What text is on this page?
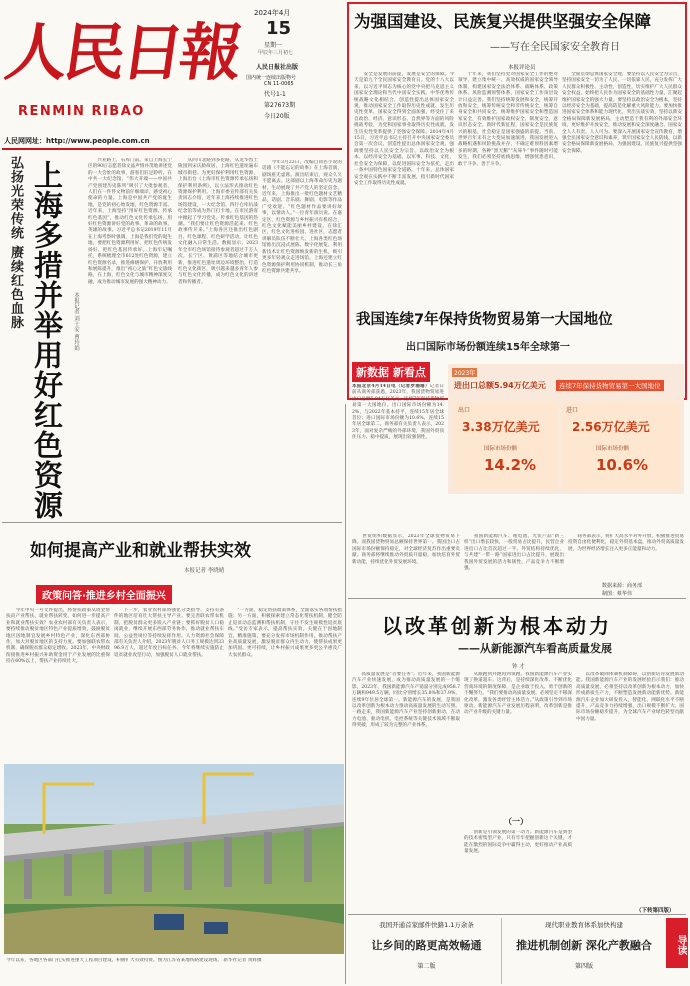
人民日報
RENMIN RIBAO
2024年4月
15
星期一
甲辰年三月初七
人民日报社出版
国内统一连续出版物号
CN 11-0065
代号1-1
第27673期
今日20版
人民网网址：http://www.people.com.cn
为强国建设、民族复兴提供坚强安全保障
——写在全民国家安全教育日
本报评论员
　　安全是发展的前提，发展是安全的保障。今天是第九个全民国家安全教育日。党的十八大以来，以习近平同志为核心的党中央把马克思主义国家安全理论和当代中国安全实践、中华优秀传统战略文化相结合，创造性提出总体国家安全观，推动国家安全工作取得历史性成就、发生历史性变革，国家安全得到全面加强，经受住了来自政治、经济、意识形态、自然界等方面的风险挑战考验，为党和国家事业取得历史性成就、发生历史性变革提供了坚强安全保障。2014年4月15日，习近平总书记主持召开中央国家安全委员会第一次会议，创造性提出总体国家安全观，强调要坚持以人民安全为宗旨、以政治安全为根本、以经济安全为基础，以军事、科技、文化、社会安全为保障，以促进国际安全为依托，走出一条中国特色国家安全道路。十年来，总体国家安全观在实践中不断丰富发展，指引新时代国家安全工作取得历史性成就。
　　十年来，我们坚持党对国家安全工作的绝对领导，建立集中统一、高效权威的国家安全领导体制，构建国家安全法治体系、战略体系、政策体系、风险监测预警体系，国家安全工作顶层设计日益完善。我们坚持统筹发展和安全，统筹开放和安全，统筹传统安全和非传统安全，统筹自身安全和共同安全，统筹维护国家安全和塑造国家安全，有效维护国家政权安全、制度安全、意识形态安全。新时代新征程，国家安全是民族复兴的根基，社会稳定是国家强盛的前提。当前，世界百年未有之大变局加速演进，我国发展进入战略机遇和风险挑战并存、不确定难预料因素增多的时期，各种“黑天鹅”“灰犀牛”事件随时可能发生。我们必须坚持底线思维，增强忧患意识，敢于斗争、善于斗争。
　　全面贯彻总体国家安全观，要坚持以人民安全为宗旨，坚持国家安全一切为了人民、一切依靠人民，充分发挥广大人民群众积极性、主动性、创造性，切实维护广大人民群众安全权益，始终把人民作为国家安全的基础性力量，汇聚起维护国家安全的强大力量。要坚持以政治安全为根本，坚持以经济安全为基础，提高防范化解重大风险能力。要加快推进国家安全体系和能力现代化，突出实战实效，坚持以新安全格局保障新发展格局，主动塑造于我有利的外部安全环境，更好维护开放安全，推动发展和安全深度融合。国家安全人人有责、人人可为。要深入开展国家安全宣传教育，增强全民国家安全意识和素养，筑牢国家安全人民防线。以新安全格局保障新发展格局，为强国建设、民族复兴提供坚强安全保障。
弘扬光荣传统 赓续红色血脉 上海多措并举用好红色资源 本报记者 刘士安 曹玲娟
　　兴业路上，石库门前。来自上海长宁区的90后志愿者徐文晶声情并茂地讲述党的一大会址的故事，游客们驻足聆听。在中共一大纪念馆，“伟大开端——中国共产党创建历史陈列”吸引了大批参观者，人们在一件件文物前仔细端详，感受初心使命的力量。上海是中国共产党的诞生地，是党的初心始发地，红色资源丰富。近年来，上海坚持“用好红色资源、传承红色基因”，推动红色文化传承弘扬，用好红色资源讲好党的故事、革命的故事、英雄的故事。习近平总书记2019年11月在上海考察时强调，上海是我们党的诞生地，要把红色资源利用好、把红色传统发扬好、把红色基因传承好。上海牢记嘱托，系统梳理全市612处红色资源，建立红色资源名录，推进修缮保护、开放利用和展陈提升，推出“初心之旅”红色文旅线路。在上海，红色文化与城市精神深度交融，成为推动城市发展的强大精神动力。
　　从四川北路到多伦路，从龙华烈士陵园到宋庆龄故居，上海红色遗址遍布城市街巷。为更好保护利用红色资源，上海出台《上海市红色资源传承弘扬和保护利用条例》，以立法形式推动红色资源保护利用。上海市委宣传部有关负责同志介绍，近年来上海持续推进红色场馆建设，一大纪念馆、四行仓库抗战纪念馆等成为热门打卡地。在市民游客中掀起了学习党史、传承红色基因的热潮。“我们要让红色资源活起来、红色故事传开来。”上海各区还推出红色剧目、红色课程、红色研学活动，让红色文化融入日常生活。数据显示，2023年全市红色场馆接待参观者超过千万人次。长宁区、黄浦区等地结合城市更新，推进红色遗址周边环境整治，打造红色文化街区，吸引越来越多青年人参与红色文化传播，成为红色文化的讲述者和传播者。
　　今年3月23日，改编自同名小说的话剧《不能忘记的故事》在上海首演，剧场座无虚席。演出结束后，观众久久不愿离去。这部剧以上海革命历史为题材，生动展现了共产党人的坚定信念。近年来，上海推出一批红色题材文艺精品，话剧、音乐剧、舞剧、电影等作品广受欢迎。“红色题材作品要讲好故事，以情动人。”一位青年演员说。在嘉定区，红色资源与乡村振兴有机结合，红色文化赋能美丽乡村建设。在徐汇区，红色文化进校园、进社区，志愿者讲解员队伍不断壮大。上海各类红色场馆推出沉浸式展陈、数字化展览，利用新技术让红色资源焕发新的生机，吸引更多年轻观众走进场馆。上海还建立红色资源保护利用协同机制，推动长三角红色资源共建共享。
我国连续7年保持货物贸易第一大国地位
出口国际市场份额连续15年全球第一
新数据 新看点	2023年
进出口总额5.94万亿美元	连续7年保持货物贸易第一大国地位
出口
3.38万亿美元
国际市场份额
14.2%
进口
2.56万亿美元
国际市场份额
10.6%
本报北京4月14日电（记者罗珊珊）记者日前从商务部获悉，2023年，我国货物贸易进出口总额5.94万亿美元，连续7年保持货物贸易第一大国地位。出口国际市场份额为14.2%，与2022年基本持平，连续15年居全球首位；进口国际市场份额为10.6%，连续15年居全球第二。商务部有关负责人表示，2023年，面对复杂严峻的外部环境，我国外贸顶住压力、稳中提质，展现出较强韧性。
　　世贸组织数据显示，2023年全球货物贸易下降，而我国货物贸易总额保持世界第一。我国出口占国际市场份额保持稳定，对全球经济复苏作出重要贡献。商务部将继续推动外贸质升量稳，加快培育外贸新动能，持续优化外贸发展环境。
　　我国新能源汽车、锂电池、光伏产品“新三样”出口增长较快，一般贸易占比提升，民营企业进出口占比首次超过一半。外贸结构持续优化，与共建“一带一路”国家进出口占比提升，展现出我国外贸发展的活力和韧性，产品竞争力不断增强。
　　商务部表示，将扩大高水平对外开放，积极推进贸易投资自由化便利化，稳定外贸基本盘，推动外贸高质量发展，为世界经济增长注入更多正能量和动力。
数据来源：商务部
制图：蔡华伟
如何提高产业和就业帮扶实效
本报记者 李晓晴
政策问答·推进乡村全面振兴
　　今年中央一号文件提出，将帮扶政策从资金帮扶向产业帮扶、就业帮扶转变。如何进一步提高产业和就业帮扶实效？农业农村部有关负责人表示，要持续推动脱贫地区特色产业提质增效，鼓励脱贫地区因地制宜发展乡村特色产业，深化东西部协作，加大对脱贫地区的支持力度。要加强联农带农机制，确保脱贫群众稳定增收。2023年，中央财政衔接推进乡村振兴补助资金用于产业发展的比重保持在60%以上，帮扶产业持续壮大。
　　下一步，农业农村部将强化分类指导，支持有条件的地区培育壮大帮扶主导产业。要完善联农带农机制，把脱贫群众更多嵌入产业链；要抓好脱贫人口稳岗就业，继续开展东西部劳务协作，推动就业帮扶车间、公益性岗位等持续发挥作用。人力资源社会保障部有关负责人介绍，2023年脱贫人口务工规模达到3396.9万人，超过年度目标任务。今年将继续实施防止返贫就业攻坚行动，加强脱贫人口就业帮扶。
　　“一方面，稳定帮扶政策体系，全面落实各项帮扶措施；另一方面，积极探索建立常态化帮扶机制，健全防止返贫动态监测和帮扶机制，守住不发生规模性返贫底线。”受访专家表示，提高帮扶实效，关键在于因地制宜、精准施策，要充分发挥市场机制作用，推动帮扶产业高质量发展，激发脱贫群众内生动力，使帮扶成果更加巩固、更可持续，让乡村振兴成果更多更公平惠及广大农民群众。
今年以来，各地区各部门扎实推进重大工程项目建设，积极扩大有效投资。图为江苏省某地铁路建设现场。 新华社记者 黄辉摄
以改革创新为根本动力
——从新能源汽车看高质量发展
钟 才
　　高质量发展是“首要任务”。近年来，我国新能源汽车产业快速发展，成为推动高质量发展的一个缩影。2023年，我国新能源汽车产销量分别完成958.7万辆和949.5万辆，同比分别增长35.8%和37.9%，连续9年位居全球第一。新能源汽车的发展，是我国以改革创新为根本动力推动高质量发展的生动写照。一路走来，我国新能源汽车产业坚持创新驱动，在动力电池、驱动电机、电控系统等关键技术领域不断取得突破，形成了较为完整的产业体系。
　　从跟跑到并跑再到领跑，我国新能源汽车产业实现了换道超车。这背后，是持续深化改革、不断优化营商环境的制度保障，是企业敢于投入、勇于创新的不懈努力。“我们要推动高质量发展，必须坚定不移深化改革，激发各类经营主体活力。”从政策引导到市场驱动，新能源汽车产业发展历程表明，改革创新是推动产业升级的关键力量。
（一）
　　创新是引领发展的第一动力。新能源汽车是典型的技术密集型产业，只有牢牢把握创新这个关键，才能在激烈的国际竞争中赢得主动，更好推动产业高质量发展。
　　以改革破除体制机制障碍，以创新培育发展新动能。我国新能源汽车产业的发展经验启示我们：推动高质量发展，必须坚持以改革创新为根本动力，加快形成新质生产力，不断塑造发展新动能新优势。新能源汽车企业加大研发投入，智能化、网联化水平不断提升，产品竞争力持续增强，出口规模不断扩大，国际市场份额稳步提升，为全球汽车产业绿色转型贡献中国力量。
（下转第四版）
我国开通首家邮件快路1.1万余条
让乡间的路更高效畅通
第二版
现代职业教育体系加快构建
推进机制创新 深化产教融合
第四版
导读
